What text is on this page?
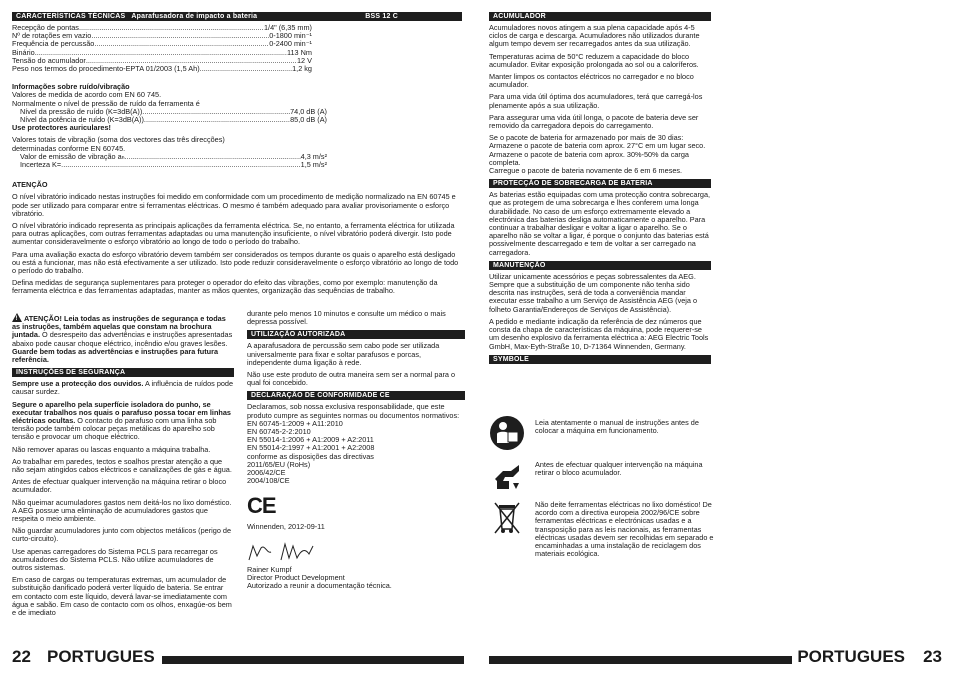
CARACTERÍSTICAS TÉCNICAS Aparafusadora de impacto a bateria	BSS 12 C
Recepção de pontas .....	1/4" (6,35 mm)
Nº de rotações em vazio .....	0-1800 min⁻¹
Frequência de percussão .....	0-2400 min⁻¹
Binário .....	113 Nm
Tensão do acumulador .....	12 V
Peso nos termos do procedimento-EPTA 01/2003 (1,5 Ah) .....	1,2 kg
Informações sobre ruído/vibração
Valores de medida de acordo com EN 60 745.
Normalmente o nível de pressão de ruído da ferramenta é
Nível da pressão de ruído (K=3dB(A)) .....	74,0 dB (A)
Nível da potência de ruído (K=3dB(A)) .....	85,0 dB (A)
Use protectores auriculares!
Valores totais de vibração (soma dos vectores das três direcções) determinadas conforme EN 60745.
Valor de emissão de vibração aₕ .....	4,3 m/s²
Incerteza K= .....	1,5 m/s²

ATENÇÃO

O nível vibratório indicado nestas instruções foi medido em conformidade com um procedimento de medição normalizado na EN 60745 e pode ser utilizado para comparar entre si ferramentas eléctricas. O mesmo é também adequado para avaliar provisoriamente o esforço vibratório.

O nível vibratório indicado representa as principais aplicações da ferramenta eléctrica. Se, no entanto, a ferramenta eléctrica for utilizada para outras aplicações, com outras ferramentas adaptadas ou uma manutenção insuficiente, o nível vibratório poderá divergir. Isto pode aumentar consideravelmente o esforço vibratório ao longo de todo o período do trabalho.

Para uma avaliação exacta do esforço vibratório devem também ser considerados os tempos durante os quais o aparelho está desligado ou está a funcionar, mas não está efectivamente a ser utilizado. Isto pode reduzir consideravelmente o esforço vibratório ao longo de todo o período do trabalho.

Defina medidas de segurança suplementares para proteger o operador do efeito das vibrações, como por exemplo: manutenção da ferramenta eléctrica e das ferramentas adaptadas, manter as mãos quentes, organização das sequências de trabalho.

!ATENÇÃO! Leia todas as instruções de segurança e todas as instruções, também aquelas que constam na brochura juntada. O desrespeito das advertências e instruções apresentadas abaixo pode causar choque eléctrico, incêndio e/ou graves lesões. Guarde bem todas as advertências e instruções para futura referência.

INSTRUÇÕES DE SEGURANÇA

Sempre use a protecção dos ouvidos. A influência de ruídos pode causar surdez.

Segure o aparelho pela superfície isoladora do punho, se executar trabalhos nos quais o parafuso possa tocar em linhas eléctricas ocultas. O contacto do parafuso com uma linha sob tensão pode também colocar peças metálicas do aparelho sob tensão e provocar um choque eléctrico.

Não remover aparas ou lascas enquanto a máquina trabalha.

Ao trabalhar em paredes, tectos e soalhos prestar atenção a que não sejam atingidos cabos eléctricos e canalizações de gás e água.

Antes de efectuar qualquer intervenção na máquina retirar o bloco acumulador.

Não queimar acumuladores gastos nem deitá-los no lixo doméstico. A AEG possue uma eliminação de acumuladores gastos que respeita o meio ambiente.

Não guardar acumuladores junto com objectos metálicos (perigo de curto-circuito).

Use apenas carregadores do Sistema PCLS para recarregar os acumuladores do Sistema PCLS. Não utilize acumuladores de outros sistemas.

Em caso de cargas ou temperaturas extremas, um acumulador de substituição danificado poderá verter líquido de bateria. Se entrar em contacto com este líquido, deverá lavar-se imediatamente com água e sabão. Em caso de contacto com os olhos, enxagúe-os bem e de imediato

durante pelo menos 10 minutos e consulte um médico o mais depressa possível.

UTILIZAÇÃO AUTORIZADA

A aparafusadora de percussão sem cabo pode ser utilizada universalmente para fixar e soltar parafusos e porcas, independente duma ligação à rede.

Não use este produto de outra maneira sem ser a normal para o qual foi concebido.

DECLARAÇÃO DE CONFORMIDADE CE
Declaramos, sob nossa exclusiva responsabilidade, que este produto cumpre as seguintes normas ou documentos normativos:
EN 60745-1:2009 + A11:2010
EN 60745-2-2:2010
EN 55014-1:2006 + A1:2009 + A2:2011
EN 55014-2:1997 + A1:2001 + A2:2008
conforme as disposições das directivas
2011/65/EU (RoHs)
2006/42/CE
2004/108/CE
CE
Winnenden, 2012-09-11
Rainer Kumpf
Director Product Development
Autorizado a reunir a documentação técnica.
22 PORTUGUES
ACUMULADOR

Acumuladores novos atingem a sua plena capacidade após 4-5 ciclos de carga e descarga. Acumuladores não utilizados durante algum tempo devem ser recarregados antes da sua utilização.

Temperaturas acima de 50°C reduzem a capacidade do bloco acumulador. Evitar exposição prolongada ao sol ou a caloríferos.

Manter limpos os contactos eléctricos no carregador e no bloco acumulador.

Para uma vida útil óptima dos acumuladores, terá que carregá-los plenamente após a sua utilização.

Para assegurar uma vida útil longa, o pacote de bateria deve ser removido da carregadora depois do carregamento.

Se o pacote de bateria for armazenado por mais de 30 dias:
Armazene o pacote de bateria com aprox. 27°C em um lugar seco.
Armazene o pacote de bateria com aprox. 30%-50% da carga completa.
Carregue o pacote de bateria novamente de 6 em 6 meses.
PROTECÇÃO DE SOBRECARGA DE BATERIA

As baterias estão equipadas com uma protecção contra sobrecarga, que as protegem de uma sobrecarga e lhes conferem uma longa durabilidade. No caso de um esforço extremamente elevado a electrónica das baterias desliga automaticamente o aparelho. Para continuar a trabalhar desligar e voltar a ligar o aparelho. Se o aparelho não se voltar a ligar, é porque o conjunto das baterias está possivelmente descarregado e tem de voltar a ser carregado na carregadora.

MANUTENÇÃO

Utilizar unicamente acessórios e peças sobressalentes da AEG. Sempre que a substituição de um componente não tenha sido descrita nas instruções, será de toda a conveniência mandar executar esse trabalho a um Serviço de Assistência AEG (veja o folheto Garantia/Endereços de Serviços de Assistência).

A pedido e mediante indicação da referência de dez números que consta da chapa de características da máquina, pode requerer-se um desenho explosivo da ferramenta eléctrica a: AEG Electric Tools GmbH, Max-Eyth-Straße 10, D-71364 Winnenden, Germany.

SYMBOLE
Leia atentamente o manual de instruções antes de colocar a máquina em funcionamento.
Antes de efectuar qualquer intervenção na máquina retirar o bloco acumulador.
Não deite ferramentas eléctricas no lixo doméstico! De acordo com a directiva europeia 2002/96/CE sobre ferramentas eléctricas e electrónicas usadas e a transposição para as leis nacionais, as ferramentas eléctricas usadas devem ser recolhidas em separado e encaminhadas a uma instalação de reciclagem dos materiais ecológica.
PORTUGUES 23
